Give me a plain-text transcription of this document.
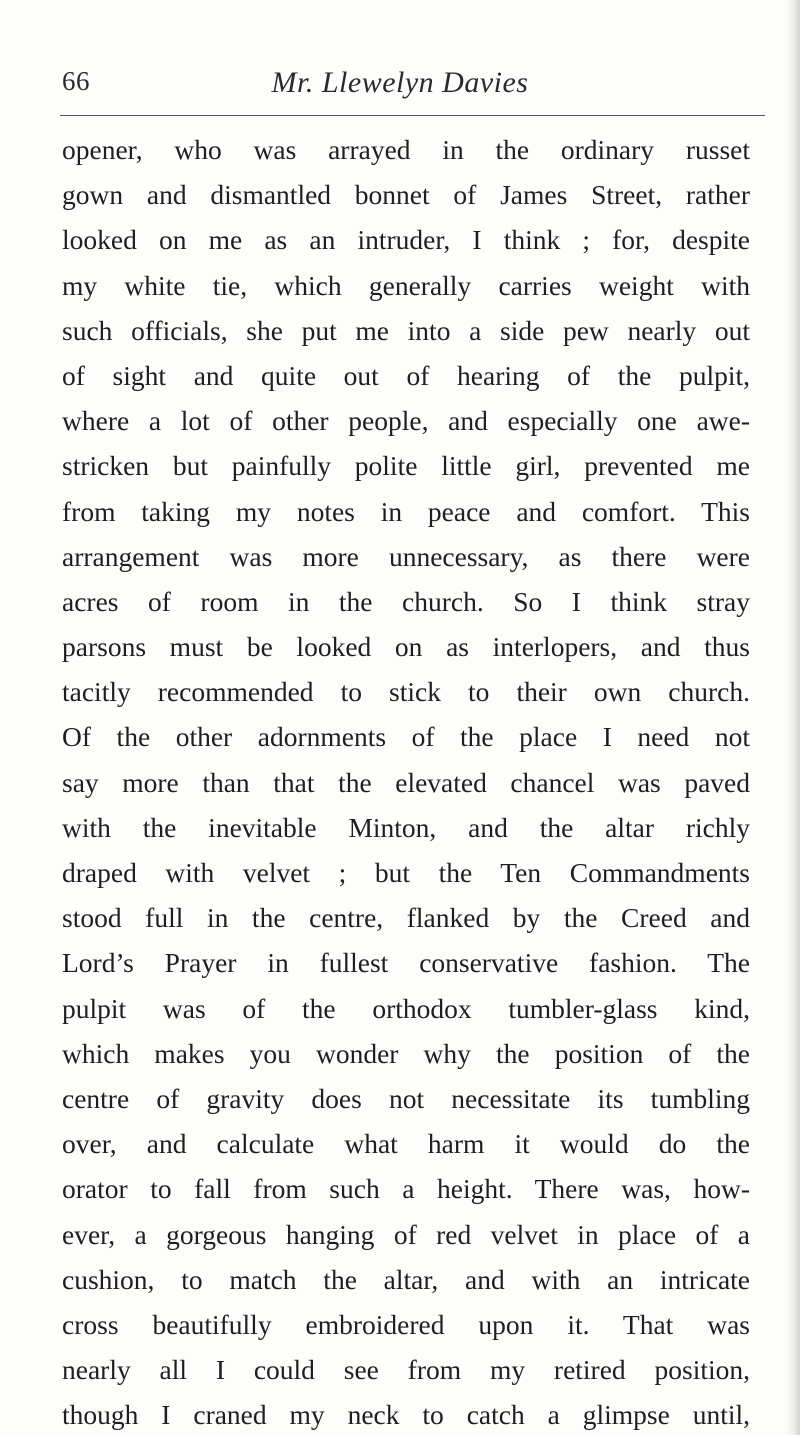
66	Mr. Llewelyn Davies
opener, who was arrayed in the ordinary russet
gown and dismantled bonnet of James Street, rather
looked on me as an intruder, I think ; for, despite
my white tie, which generally carries weight with
such officials, she put me into a side pew nearly out
of sight and quite out of hearing of the pulpit,
where a lot of other people, and especially one awe-
stricken but painfully polite little girl, prevented me
from taking my notes in peace and comfort. This
arrangement was more unnecessary, as there were
acres of room in the church. So I think stray
parsons must be looked on as interlopers, and thus
tacitly recommended to stick to their own church.
Of the other adornments of the place I need not
say more than that the elevated chancel was paved
with the inevitable Minton, and the altar richly
draped with velvet ; but the Ten Commandments
stood full in the centre, flanked by the Creed and
Lord’s Prayer in fullest conservative fashion. The
pulpit was of the orthodox tumbler-glass kind,
which makes you wonder why the position of the
centre of gravity does not necessitate its tumbling
over, and calculate what harm it would do the
orator to fall from such a height. There was, how-
ever, a gorgeous hanging of red velvet in place of a
cushion, to match the altar, and with an intricate
cross beautifully embroidered upon it. That was
nearly all I could see from my retired position,
though I craned my neck to catch a glimpse until,
